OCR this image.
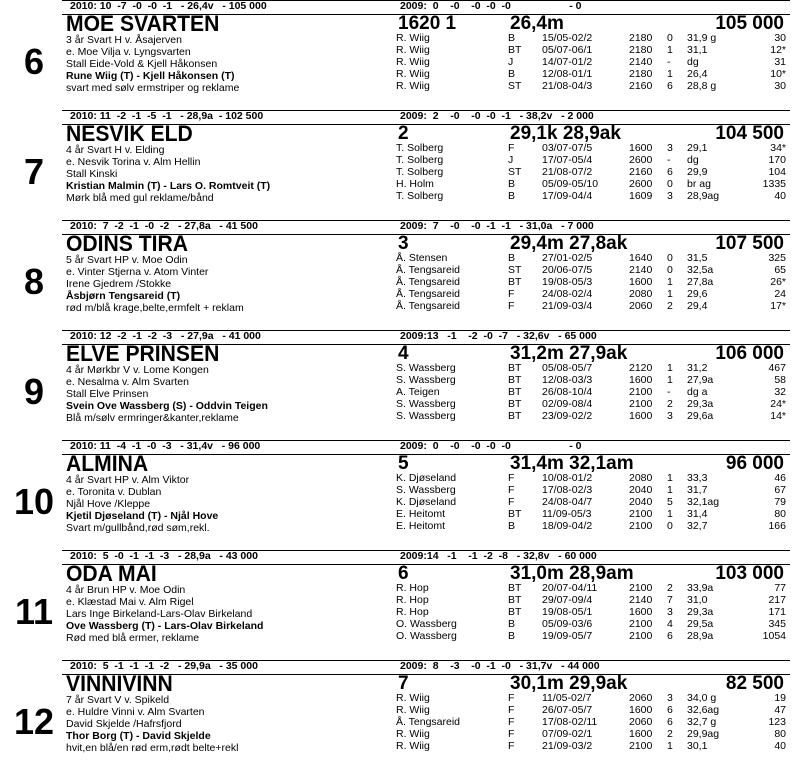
2010: 10  -7  -0  -0  -1   - 26,4v   - 105 000	2009:  0    -0    -0  -0  -0                    - 0
6
MOE SVARTEN	1620 1	26,4m	105 000
3 år Svart H v. Åsajerven
e. Moe Vilja v. Lyngsvarten
Stall Eide-Vold & Kjell Håkonsen
Rune Wiig (T) - Kjell Håkonsen (T)
svart med sølv ermstriper og reklame
R. Wiig	B	15/05-02/2	2180 0 31,9 g	30
R. Wiig	BT 05/07-06/1	2180 1 31,1	12*
R. Wiig	J	14/07-01/2	2140 - dg	31
R. Wiig	B	12/08-01/1	2180 1 26,4	10*
R. Wiig	ST 21/08-04/3	2160 6 28,8 g	30
2010: 11  -2  -1  -5  -1   - 28,9a  - 102 500	2009:  2    -0    -0  -0  -1   - 38,2v   - 2 000
7
NESVIK ELD	2	29,1k 28,9ak	104 500
4 år Svart H v. Elding
e. Nesvik Torina v. Alm Hellin
Stall Kinski
Kristian Malmin (T) - Lars O. Romtveit (T)
Mørk blå med gul reklame/bånd
T. Solberg	F	03/07-07/5	1600 3 29,1	34*
T. Solberg	J	17/07-05/4	2600 - dg	170
T. Solberg	ST 21/08-07/2	2160 6 29,9	104
H. Holm	B	05/09-05/10	2600 0 br ag	1335
T. Solberg	B	17/09-04/4	1609 3 28,9ag	40
2010:  7  -2  -1  -0  -2   - 27,8a   - 41 500	2009:  7    -0    -0  -1  -1   - 31,0a   - 7 000
8
ODINS TIRA	3	29,4m 27,8ak	107 500
5 år Svart HP v. Moe Odin
e. Vinter Stjerna v. Atom Vinter
Irene Gjedrem /Stokke
Åsbjørn Tengsareid (T)
rød m/blå krage,belte,ermfelt + reklam
Å. Stensen	B	27/01-02/5	1640 0 31,5	325
Å. Tengsareid	ST 20/06-07/5	2140 0 32,5a	65
Å. Tengsareid	BT 19/08-05/3	1600 1 27,8a	26*
Å. Tengsareid	F	24/08-02/4	2080 1 29,6	24
Å. Tengsareid	F	21/09-03/4	2060 2 29,4	17*
2010: 12  -2  -1  -2  -3   - 27,9a   - 41 000	2009:13   -1    -2  -0  -7   - 32,6v   - 65 000
9
ELVE PRINSEN	4	31,2m 27,9ak	106 000
4 år Mørkbr V v. Lome Kongen
e. Nesalma v. Alm Svarten
Stall Elve Prinsen
Svein Ove Wassberg (S) - Oddvin Teigen
Blå m/sølv ermringer&kanter,reklame
S. Wassberg	BT 05/08-05/7	2120 1 31,2	467
S. Wassberg	BT 12/08-03/3	1600 1 27,9a	58
A. Teigen	BT 26/08-10/4	2100 - dg a	32
S. Wassberg	BT 02/09-08/4	2100 2 29,3a	24*
S. Wassberg	BT 23/09-02/2	1600 3 29,6a	14*
2010: 11  -4  -1  -0  -3   - 31,4v   - 96 000	2009:  0    -0    -0  -0  -0                    - 0
10
ALMINA	5	31,4m 32,1am	96 000
4 år Svart HP v. Alm Viktor
e. Toronita v. Dublan
Njål Hove /Kleppe
Kjetil Djøseland (T) - Njål Hove
Svart m/gullbånd,rød søm,rekl.
K. Djøseland	F	10/08-01/2	2080 1 33,3	46
S. Wassberg	F	17/08-02/3	2040 1 31,7	67
K. Djøseland	F	24/08-04/7	2040 5 32,1ag	79
E. Heitomt	BT 11/09-05/3	2100 1 31,4	80
E. Heitomt	B	18/09-04/2	2100 0 32,7	166
2010:  5  -0  -1  -1  -3   - 28,9a   - 43 000	2009:14   -1    -1  -2  -8   - 32,8v   - 60 000
11
ODA MAI	6	31,0m 28,9am	103 000
4 år Brun HP v. Moe Odin
e. Klæstad Mai v. Alm Rigel
Lars Inge Birkeland-Lars-Olav Birkeland
Ove Wassberg (T) - Lars-Olav Birkeland
Rød med blå ermer, reklame
R. Hop	BT 20/07-04/11	2100 2 33,9a	77
R. Hop	BT 29/07-09/4	2140 7 31,0	217
R. Hop	BT 19/08-05/1	1600 3 29,3a	171
O. Wassberg	B	05/09-03/6	2100 4 29,5a	345
O. Wassberg	B	19/09-05/7	2100 6 28,9a	1054
2010:  5  -1  -1  -1  -2   - 29,9a   - 35 000	2009:  8    -3    -0  -1  -0   - 31,7v   - 44 000
12
VINNIVINN	7	30,1m 29,9ak	82 500
7 år Svart V v. Spikeld
e. Huldre Vinni v. Alm Svarten
David Skjelde /Hafrsfjord
Thor Borg (T) - David Skjelde
hvit,en blå/en rød erm,rødt belte+rekl
R. Wiig	F	11/05-02/7	2060 3 34,0 g	19
R. Wiig	F	26/07-05/7	1600 6 32,6ag	47
Å. Tengsareid	F	17/08-02/11	2060 6 32,7 g	123
R. Wiig	F	07/09-02/1	1600 2 29,9ag	80
R. Wiig	F	21/09-03/2	2100 1 30,1	40
